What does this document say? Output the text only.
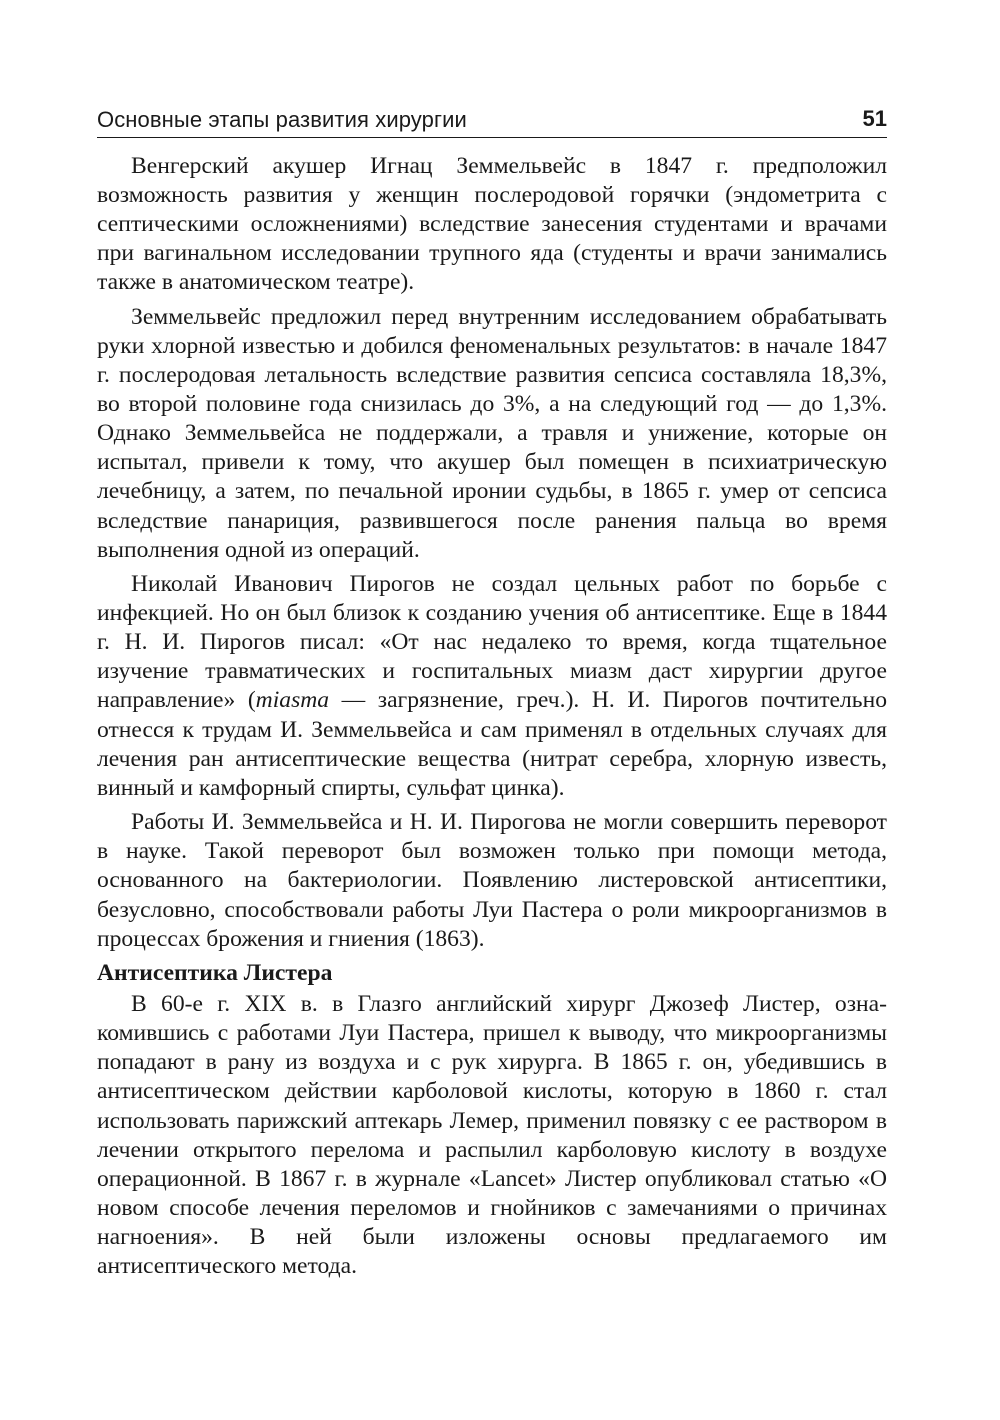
Основные этапы развития хирургии	51

Венгерский акушер Игнац Земмельвейс в 1847 г. предположил возможность развития у женщин послеродовой горячки (эндометрита с септическими осложнениями) вследствие занесения студентами и врачами при вагинальном исследовании трупного яда (студенты и врачи занимались также в анатомическом театре).

Земмельвейс предложил перед внутренним исследованием обрабатывать руки хлорной известью и добился феноменальных результатов: в начале 1847 г. послеродовая летальность вследствие развития сепсиса составляла 18,3%, во второй половине года снизилась до 3%, а на следующий год — до 1,3%. Однако Земмельвейса не поддержали, а травля и унижение, которые он испытал, привели к тому, что акушер был помещен в психиатрическую лечебницу, а затем, по печальной иронии судьбы, в 1865 г. умер от сепсиса вследствие панариция, развившегося после ранения пальца во время выполнения одной из операций.

Николай Иванович Пирогов не создал цельных работ по борьбе с инфекцией. Но он был близок к созданию учения об антисептике. Еще в 1844 г. Н. И. Пирогов писал: «От нас недалеко то время, когда тщательное изучение травматических и госпитальных миазм даст хирургии другое направление» (miasma — загрязнение, греч.). Н. И. Пирогов почтительно отнесся к трудам И. Земмельвейса и сам применял в отдельных случаях для лечения ран антисептические вещества (нитрат серебра, хлорную известь, винный и камфорный спирты, сульфат цинка).

Работы И. Земмельвейса и Н. И. Пирогова не могли совершить переворот в науке. Такой переворот был возможен только при помощи метода, основанного на бактериологии. Появлению листеровской антисептики, безусловно, способствовали работы Луи Пастера о роли микроорганизмов в процессах брожения и гниения (1863).

Антисептика Листера

В 60-е г. XIX в. в Глазго английский хирург Джозеф Листер, ознакомившись с работами Луи Пастера, пришел к выводу, что микроорганизмы попадают в рану из воздуха и с рук хирурга. В 1865 г. он, убедившись в антисептическом действии карболовой кислоты, которую в 1860 г. стал использовать парижский аптекарь Лемер, применил повязку с ее раствором в лечении открытого перелома и распылил карболовую кислоту в воздухе операционной. В 1867 г. в журнале «Lancet» Листер опубликовал статью «О новом способе лечения переломов и гнойников с замечаниями о причинах нагноения». В ней были изложены основы предлагаемого им антисептического метода.
